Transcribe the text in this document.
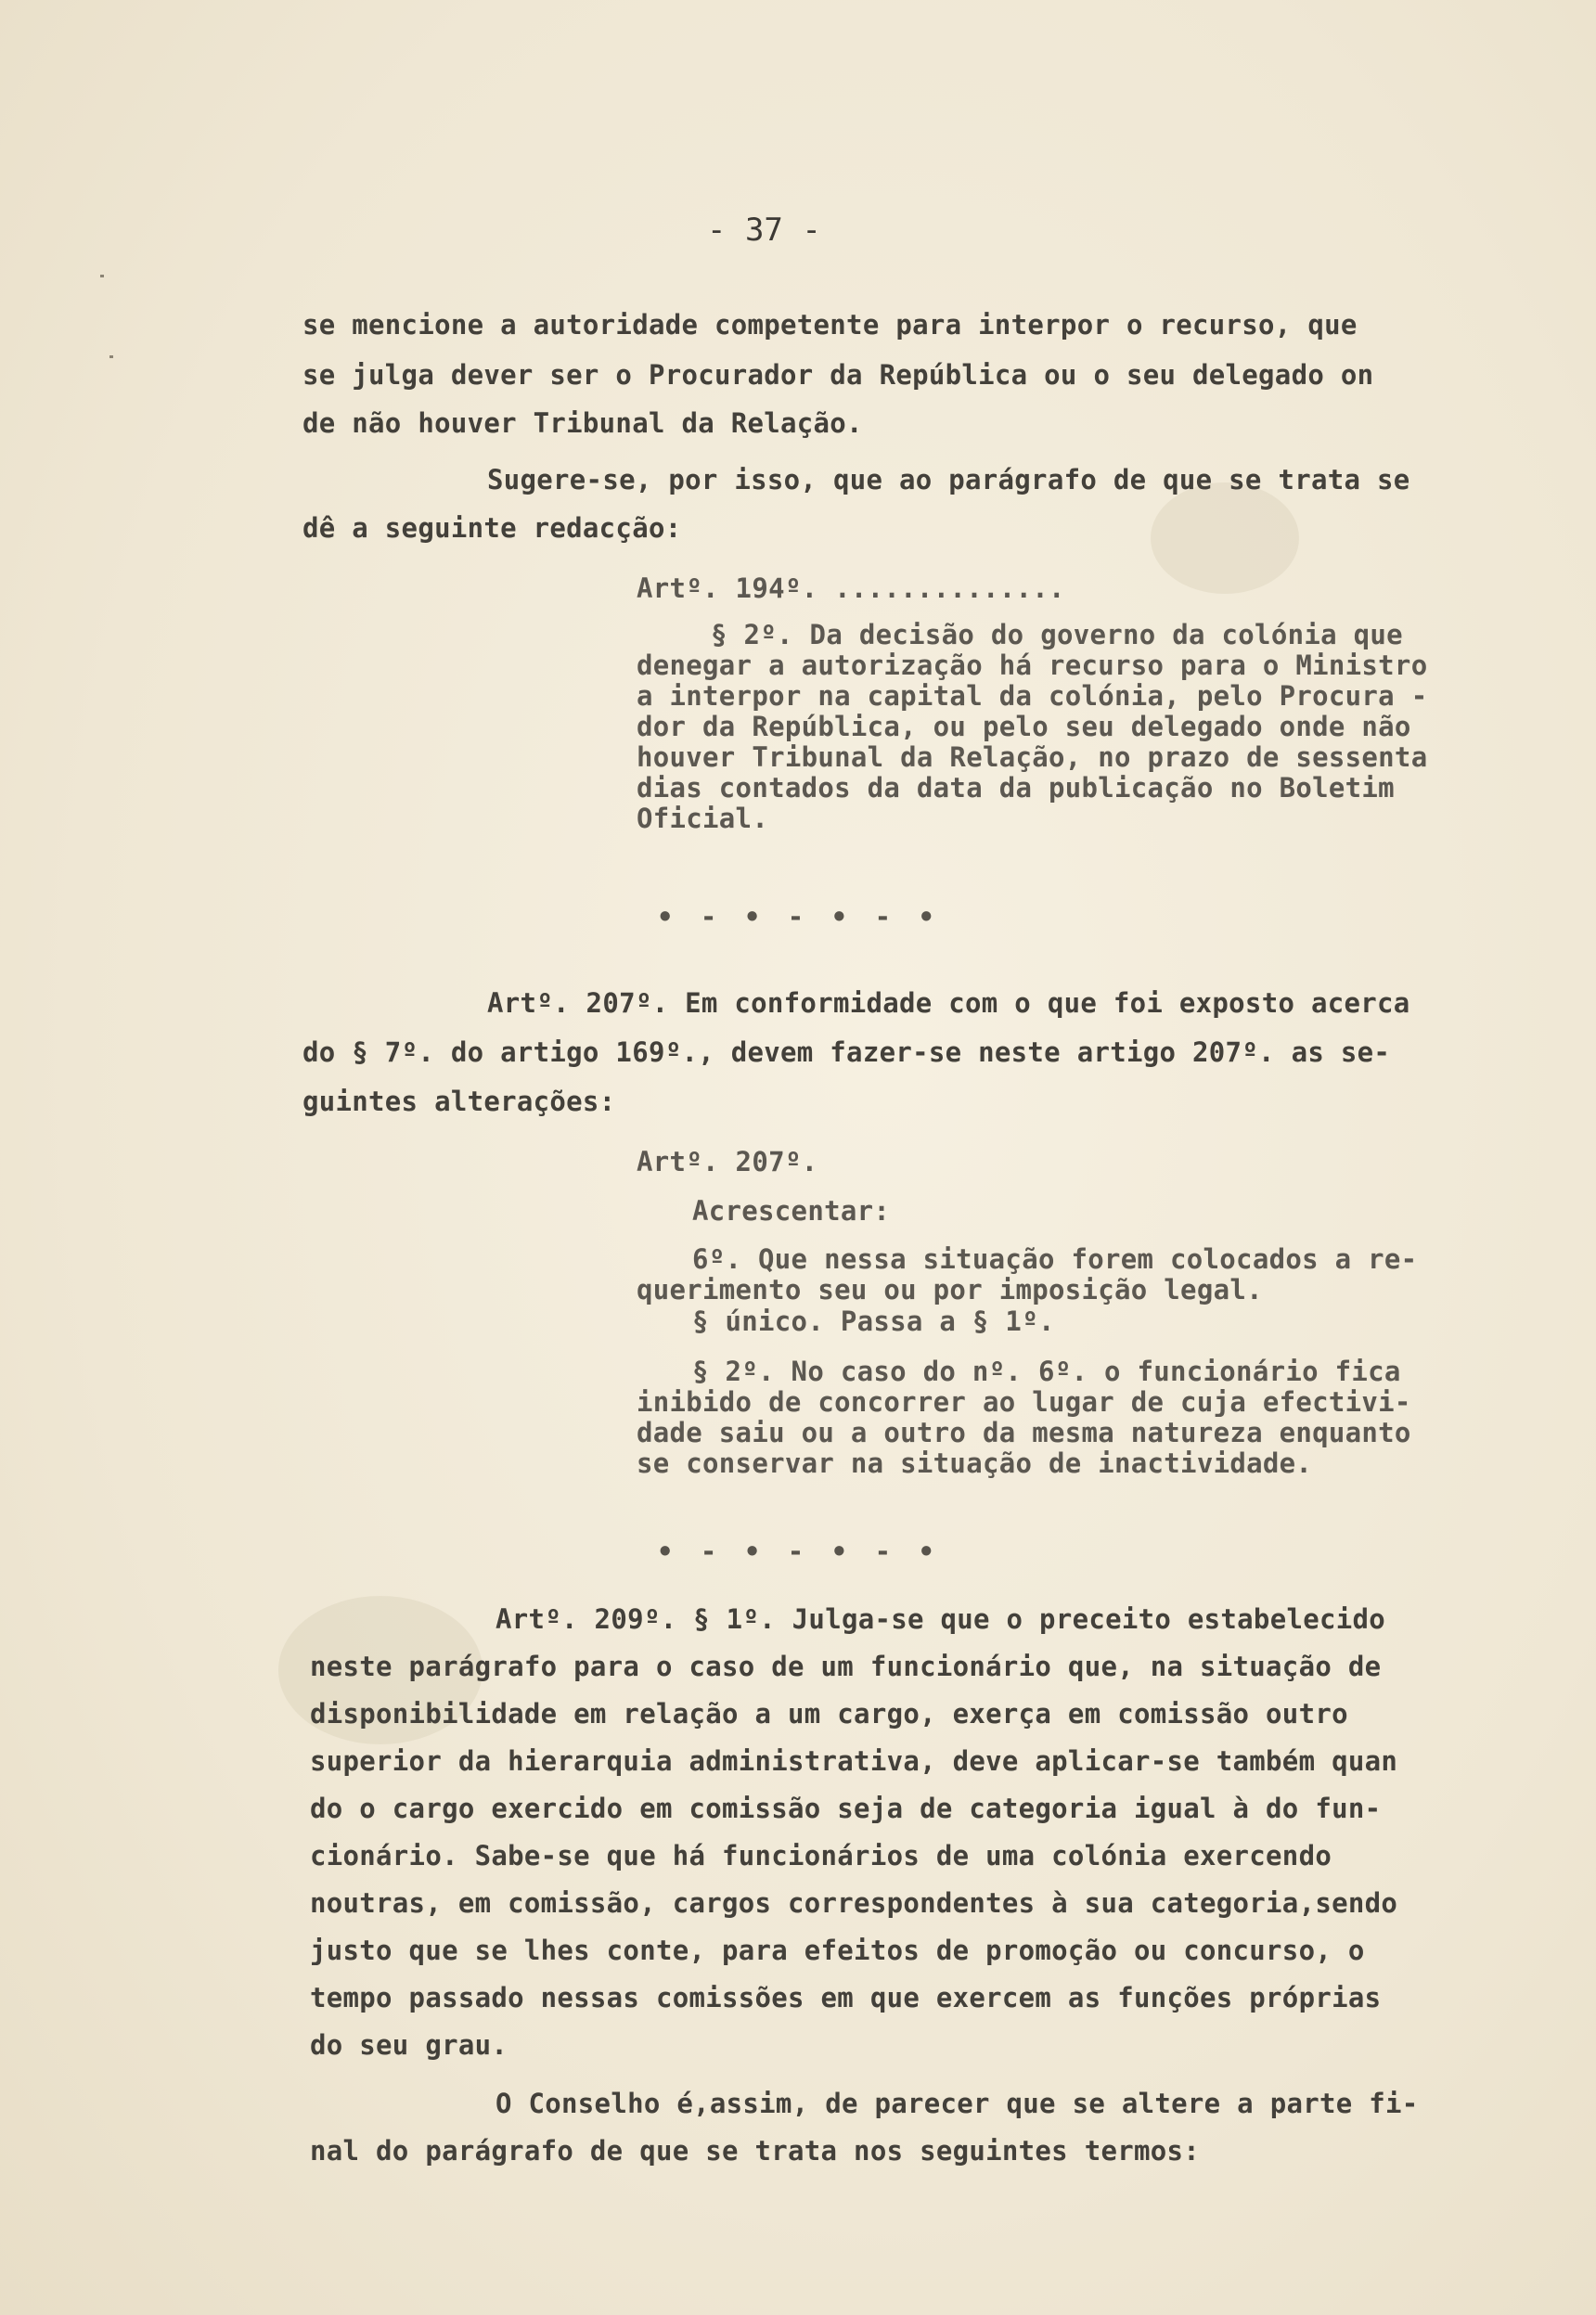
- 37 -
se mencione a autoridade competente para interpor o recurso, que
se julga dever ser o Procurador da República ou o seu delegado on
de não houver Tribunal da Relação.
Sugere-se, por isso, que ao parágrafo de que se trata se
dê a seguinte redacção:
Artº. 194º. ..............
§ 2º. Da decisão do governo da colónia que
denegar a autorização há recurso para o Ministro
a interpor na capital da colónia, pelo Procura -
dor da República, ou pelo seu delegado onde não
houver Tribunal da Relação, no prazo de sessenta
dias contados da data da publicação no Boletim
Oficial.
• - • - • - •
Artº. 207º. Em conformidade com o que foi exposto acerca
do § 7º. do artigo 169º., devem fazer-se neste artigo 207º. as se-
guintes alterações:
Artº. 207º.
Acrescentar:
6º. Que nessa situação forem colocados a re-
querimento seu ou por imposição legal.
§ único. Passa a § 1º.
§ 2º. No caso do nº. 6º. o funcionário fica
inibido de concorrer ao lugar de cuja efectivi-
dade saiu ou a outro da mesma natureza enquanto
se conservar na situação de inactividade.
• - • - • - •
Artº. 209º. § 1º. Julga-se que o preceito estabelecido
neste parágrafo para o caso de um funcionário que, na situação de
disponibilidade em relação a um cargo, exerça em comissão outro
superior da hierarquia administrativa, deve aplicar-se também quan
do o cargo exercido em comissão seja de categoria igual à do fun-
cionário. Sabe-se que há funcionários de uma colónia exercendo
noutras, em comissão, cargos correspondentes à sua categoria,sendo
justo que se lhes conte, para efeitos de promoção ou concurso, o
tempo passado nessas comissões em que exercem as funções próprias
do seu grau.
O Conselho é,assim, de parecer que se altere a parte fi-
nal do parágrafo de que se trata nos seguintes termos:
